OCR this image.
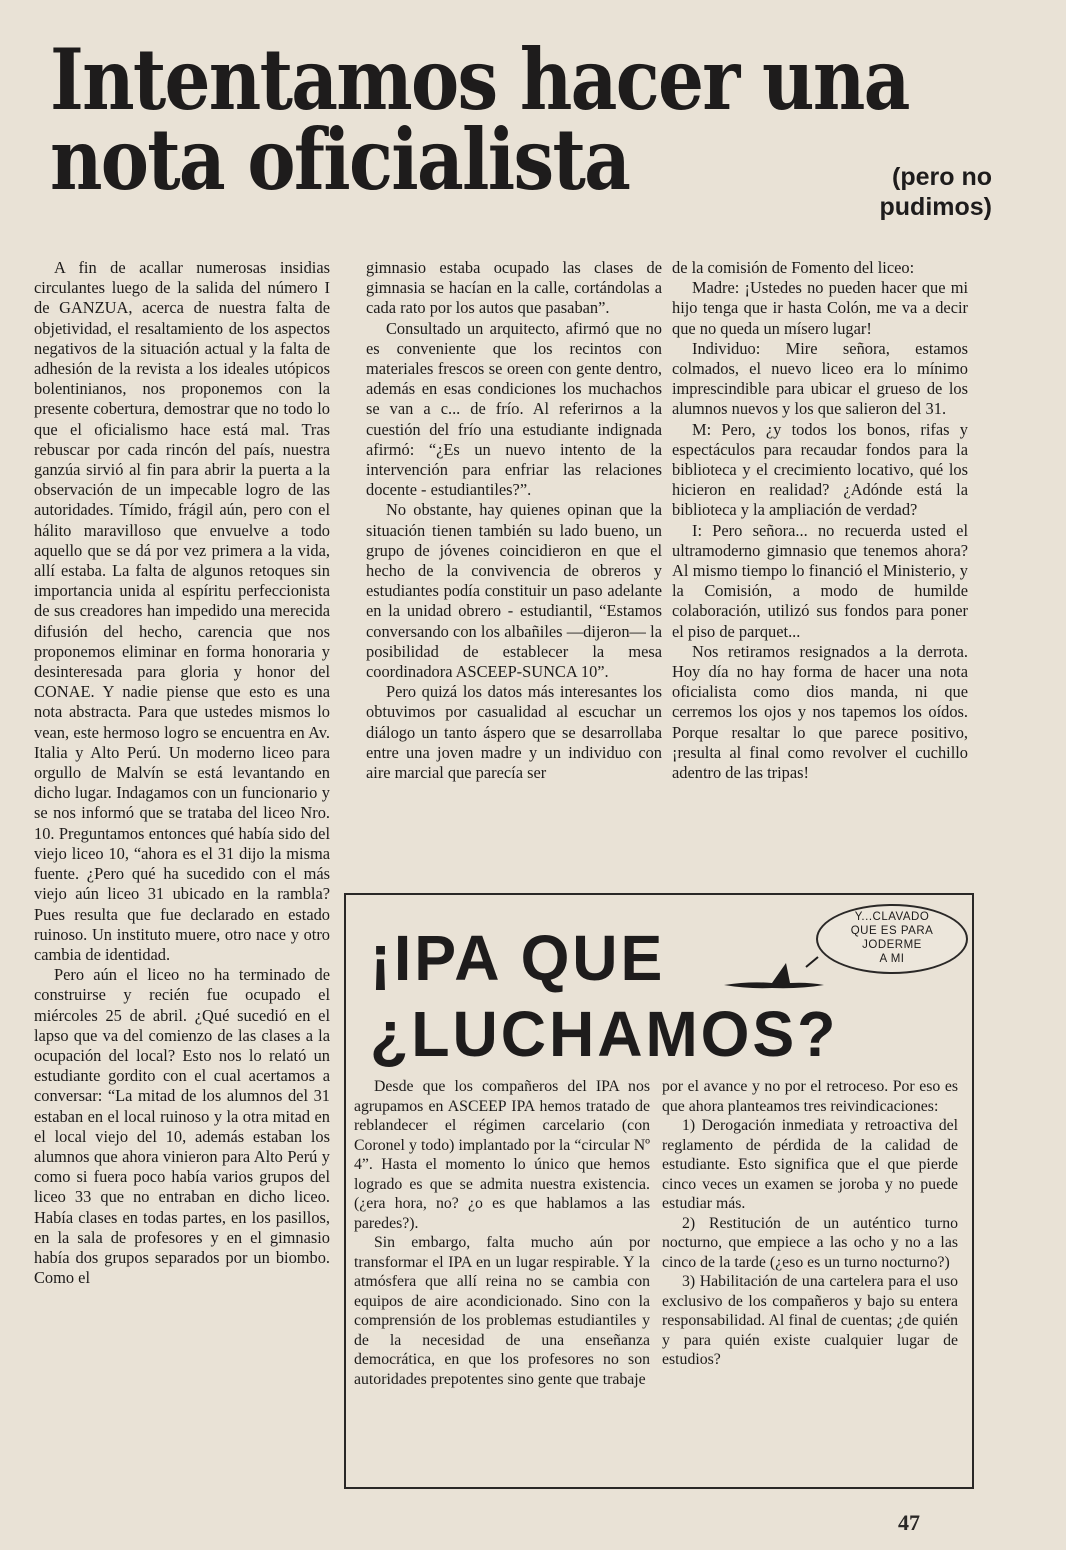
Intentamos hacer una

nota oficialista	(pero no
pudimos)

A fin de acallar numerosas insidias circulantes luego de la salida del número I de GANZUA, acerca de nuestra falta de objetividad, el resaltamiento de los aspectos negativos de la situación actual y la falta de adhesión de la revista a los ideales utópicos bolentinianos, nos proponemos con la presente cobertura, demostrar que no todo lo que el oficialismo hace está mal. Tras rebuscar por cada rincón del país, nuestra ganzúa sirvió al fin para abrir la puerta a la observación de un impecable logro de las autoridades. Tímido, frágil aún, pero con el hálito maravilloso que envuelve a todo aquello que se dá por vez primera a la vida, allí estaba. La falta de algunos retoques sin importancia unida al espíritu perfeccionista de sus creadores han impedido una merecida difusión del hecho, carencia que nos proponemos eliminar en forma honoraria y desinteresada para gloria y honor del CONAE. Y nadie piense que esto es una nota abstracta. Para que ustedes mismos lo vean, este hermoso logro se encuentra en Av. Italia y Alto Perú. Un moderno liceo para orgullo de Malvín se está levantando en dicho lugar. Indagamos con un funcionario y se nos informó que se trataba del liceo Nro. 10. Preguntamos entonces qué había sido del viejo liceo 10, “ahora es el 31 dijo la misma fuente. ¿Pero qué ha sucedido con el más viejo aún liceo 31 ubicado en la rambla? Pues resulta que fue declarado en estado ruinoso. Un instituto muere, otro nace y otro cambia de identidad.

Pero aún el liceo no ha terminado de construirse y recién fue ocupado el miércoles 25 de abril. ¿Qué sucedió en el lapso que va del comienzo de las clases a la ocupación del local? Esto nos lo relató un estudiante gordito con el cual acertamos a conversar: “La mitad de los alumnos del 31 estaban en el local ruinoso y la otra mitad en el local viejo del 10, además estaban los alumnos que ahora vinieron para Alto Perú y como si fuera poco había varios grupos del liceo 33 que no entraban en dicho liceo. Había clases en todas partes, en los pasillos, en la sala de profesores y en el gimnasio había dos grupos separados por un biombo. Como el

gimnasio estaba ocupado las clases de gimnasia se hacían en la calle, cortándolas a cada rato por los autos que pasaban”.

Consultado un arquitecto, afirmó que no es conveniente que los recintos con materiales frescos se oreen con gente dentro, además en esas condiciones los muchachos se van a c... de frío. Al referirnos a la cuestión del frío una estudiante indignada afirmó: “¿Es un nuevo intento de la intervención para enfriar las relaciones docente - estudiantiles?”.

No obstante, hay quienes opinan que la situación tienen también su lado bueno, un grupo de jóvenes coincidieron en que el hecho de la convivencia de obreros y estudiantes podía constituir un paso adelante en la unidad obrero - estudiantil, “Estamos conversando con los albañiles —dijeron— la posibilidad de establecer la mesa coordinadora ASCEEP-SUNCA 10”.

Pero quizá los datos más interesantes los obtuvimos por casualidad al escuchar un diálogo un tanto áspero que se desarrollaba entre una joven madre y un individuo con aire marcial que parecía ser

de la comisión de Fomento del liceo:

Madre: ¡Ustedes no pueden hacer que mi hijo tenga que ir hasta Colón, me va a decir que no queda un mísero lugar!

Individuo: Mire señora, estamos colmados, el nuevo liceo era lo mínimo imprescindible para ubicar el grueso de los alumnos nuevos y los que salieron del 31.

M: Pero, ¿y todos los bonos, rifas y espectáculos para recaudar fondos para la biblioteca y el crecimiento locativo, qué los hicieron en realidad? ¿Adónde está la biblioteca y la ampliación de verdad?

I: Pero señora... no recuerda usted el ultramoderno gimnasio que tenemos ahora? Al mismo tiempo lo financió el Ministerio, y la Comisión, a modo de humilde colaboración, utilizó sus fondos para poner el piso de parquet...

Nos retiramos resignados a la derrota. Hoy día no hay forma de hacer una nota oficialista como dios manda, ni que cerremos los ojos y nos tapemos los oídos. Porque resaltar lo que parece positivo, ¡resulta al final como revolver el cuchillo adentro de las tripas!

¡IPA QUE
¿LUCHAMOS?
Y...CLAVADO
QUE ES PARA
JODERME
A MI

Desde que los compañeros del IPA nos agrupamos en ASCEEP IPA hemos tratado de reblandecer el régimen carcelario (con Coronel y todo) implantado por la “circular Nº 4”. Hasta el momento lo único que hemos logrado es que se admita nuestra existencia. (¿era hora, no? ¿o es que hablamos a las paredes?).

Sin embargo, falta mucho aún por transformar el IPA en un lugar respirable. Y la atmósfera que allí reina no se cambia con equipos de aire acondicionado. Sino con la comprensión de los problemas estudiantiles y de la necesidad de una enseñanza democrática, en que los profesores no son autoridades prepotentes sino gente que trabaje

por el avance y no por el retroceso. Por eso es que ahora planteamos tres reivindicaciones:

1) Derogación inmediata y retroactiva del reglamento de pérdida de la calidad de estudiante. Esto significa que el que pierde cinco veces un examen se joroba y no puede estudiar más.

2) Restitución de un auténtico turno nocturno, que empiece a las ocho y no a las cinco de la tarde (¿eso es un turno nocturno?)

3) Habilitación de una cartelera para el uso exclusivo de los compañeros y bajo su entera responsabilidad. Al final de cuentas; ¿de quién y para quién existe cualquier lugar de estudios?

47
